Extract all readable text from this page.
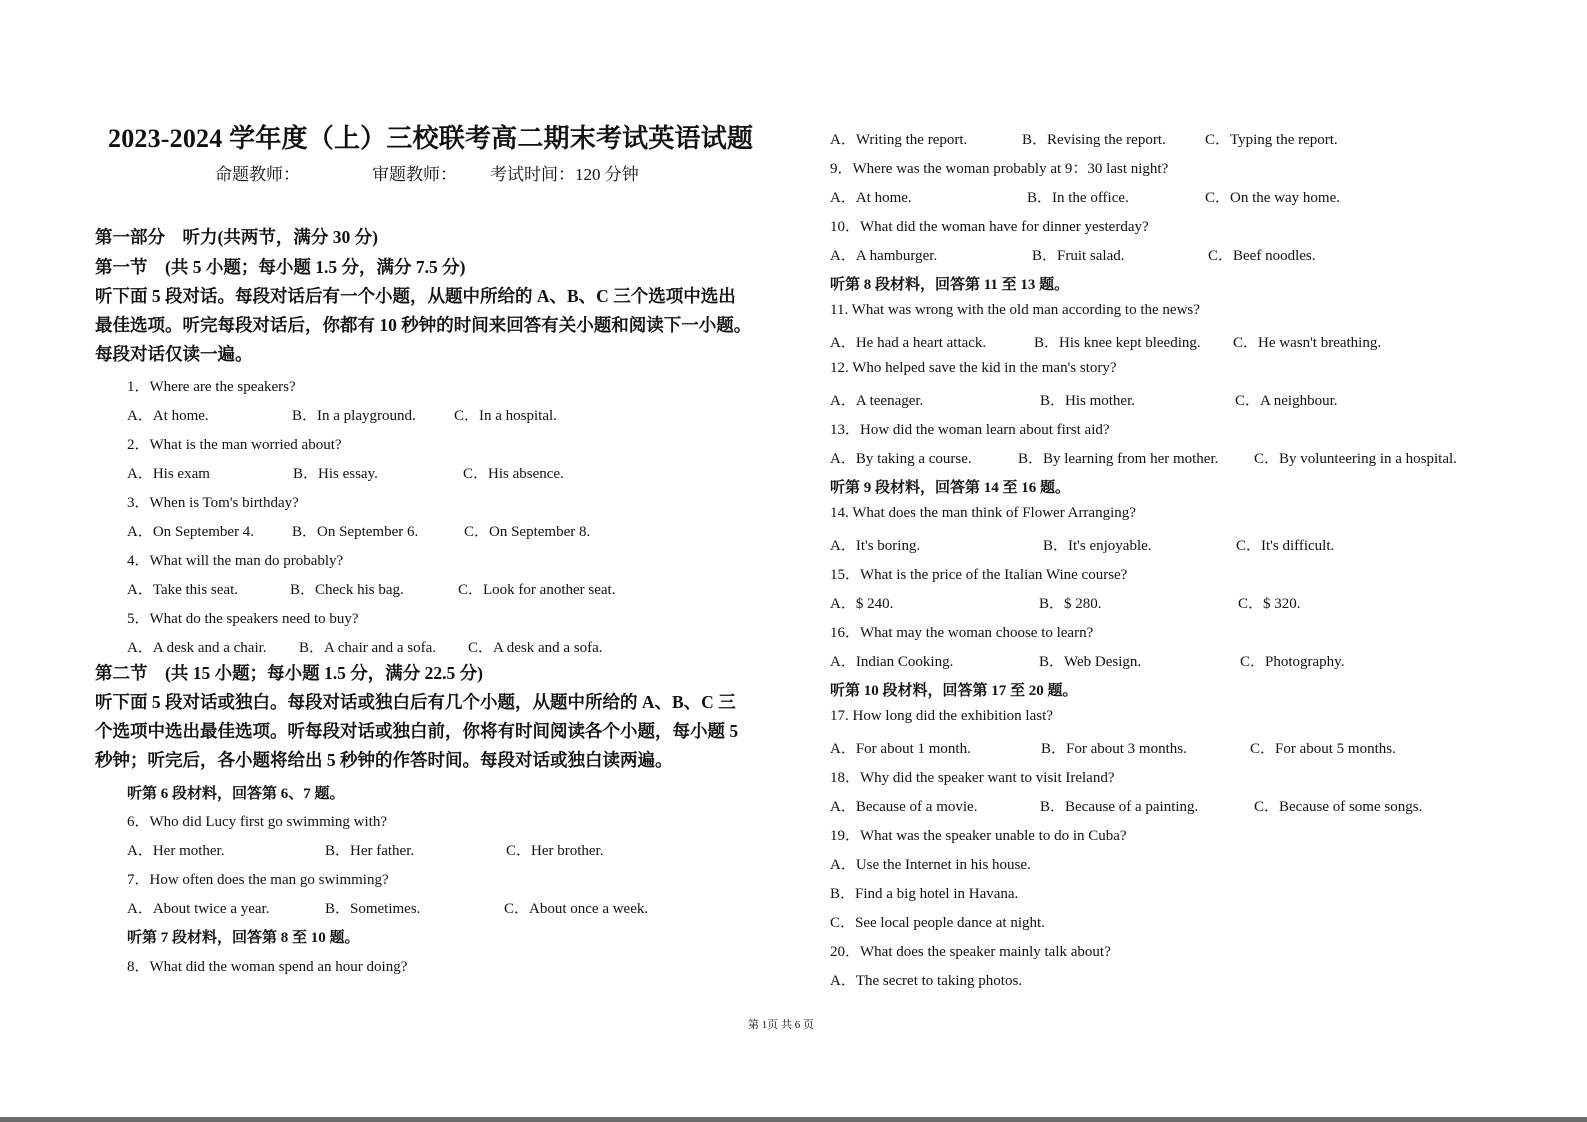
2023-2024 学年度（上）三校联考高二期末考试英语试题
命题教师：	审题教师： 考试时间：120 分钟
第一部分　听力(共两节，满分 30 分)
第一节　(共 5 小题；每小题 1.5 分，满分 7.5 分)
听下面 5 段对话。每段对话后有一个小题，从题中所给的 A、B、C 三个选项中选出
最佳选项。听完每段对话后，你都有 10 秒钟的时间来回答有关小题和阅读下一小题。
每段对话仅读一遍。
1．Where are the speakers?
A．At home.	B．In a playground.	C．In a hospital.
2．What is the man worried about?
A．His exam	B．His essay.	C．His absence.
3．When is Tom's birthday?
A．On September 4.	B．On September 6.	C．On September 8.
4．What will the man do probably?
A．Take this seat.	B．Check his bag.	C．Look for another seat.
5．What do the speakers need to buy?
A．A desk and a chair. B．A chair and a sofa. C．A desk and a sofa.
第二节　(共 15 小题；每小题 1.5 分，满分 22.5 分)
听下面 5 段对话或独白。每段对话或独白后有几个小题，从题中所给的 A、B、C 三
个选项中选出最佳选项。听每段对话或独白前，你将有时间阅读各个小题，每小题 5
秒钟；听完后，各小题将给出 5 秒钟的作答时间。每段对话或独白读两遍。
听第 6 段材料，回答第 6、7 题。
6．Who did Lucy first go swimming with?
A．Her mother.	B．Her father.	C．Her brother.
7．How often does the man go swimming?
A．About twice a year.	B．Sometimes.	C．About once a week.
听第 7 段材料，回答第 8 至 10 题。
8．What did the woman spend an hour doing?
A．Writing the report.	B．Revising the report.	C．Typing the report.
9．Where was the woman probably at 9：30 last night?
A．At home.	B．In the office.	C．On the way home.
10．What did the woman have for dinner yesterday?
A．A hamburger.	B．Fruit salad.	C．Beef noodles.
听第 8 段材料，回答第 11 至 13 题。
11. What was wrong with the old man according to the news?
A．He had a heart attack.	B．His knee kept bleeding. C．He wasn't breathing.
12. Who helped save the kid in the man's story?
A．A teenager.	B．His mother.	C．A neighbour.
13．How did the woman learn about first aid?
A．By taking a course.	B．By learning from her mother. C．By volunteering in a hospital.
听第 9 段材料，回答第 14 至 16 题。
14. What does the man think of Flower Arranging?
A．It's boring.	B．It's enjoyable.	C．It's difficult.
15．What is the price of the Italian Wine course?
A．$ 240.	B．$ 280.	C．$ 320.
16．What may the woman choose to learn?
A．Indian Cooking.	B．Web Design.	C．Photography.
听第 10 段材料，回答第 17 至 20 题。
17. How long did the exhibition last?
A．For about 1 month.	B．For about 3 months.	C．For about 5 months.
18．Why did the speaker want to visit Ireland?
A．Because of a movie.	B．Because of a painting.	C．Because of some songs.
19．What was the speaker unable to do in Cuba?
A．Use the Internet in his house.
B．Find a big hotel in Havana.
C．See local people dance at night.
20．What does the speaker mainly talk about?
A．The secret to taking photos.
第 1页 共 6 页
